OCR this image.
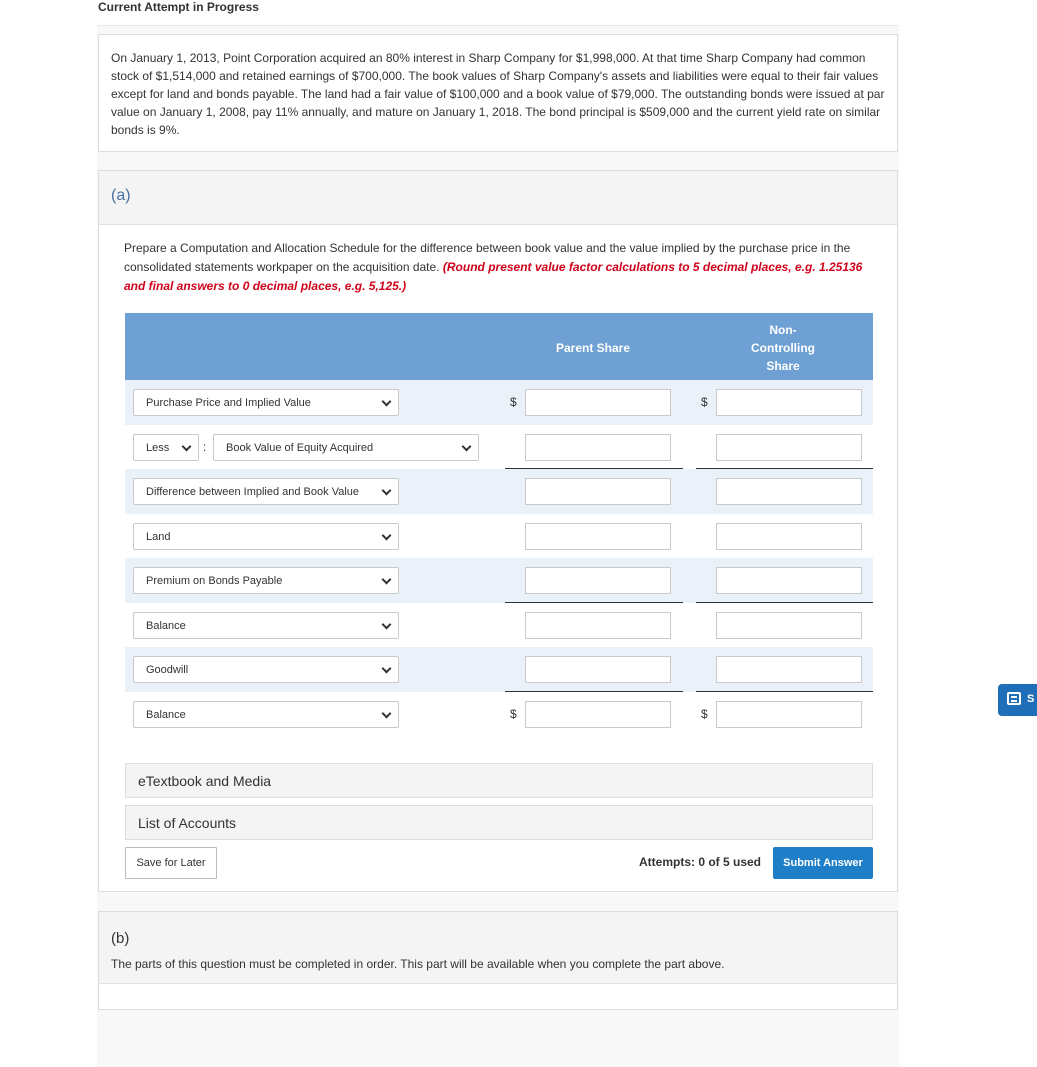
Current Attempt in Progress
On January 1, 2013, Point Corporation acquired an 80% interest in Sharp Company for $1,998,000. At that time Sharp Company had common stock of $1,514,000 and retained earnings of $700,000. The book values of Sharp Company's assets and liabilities were equal to their fair values except for land and bonds payable. The land had a fair value of $100,000 and a book value of $79,000. The outstanding bonds were issued at par value on January 1, 2008, pay 11% annually, and mature on January 1, 2018. The bond principal is $509,000 and the current yield rate on similar bonds is 9%.
(a)
Prepare a Computation and Allocation Schedule for the difference between book value and the value implied by the purchase price in the consolidated statements workpaper on the acquisition date. (Round present value factor calculations to 5 decimal places, e.g. 1.25136 and final answers to 0 decimal places, e.g. 5,125.)
Parent Share
Non-
Controlling
Share
Purchase Price and Implied Value	$	$
Less	:	Book Value of Equity Acquired
Difference between Implied and Book Value
Land
Premium on Bonds Payable
Balance
Goodwill
Balance	$	$
eTextbook and Media
List of Accounts
Save for Later	Attempts: 0 of 5 used	Submit Answer
(b)
The parts of this question must be completed in order. This part will be available when you complete the part above.
S
